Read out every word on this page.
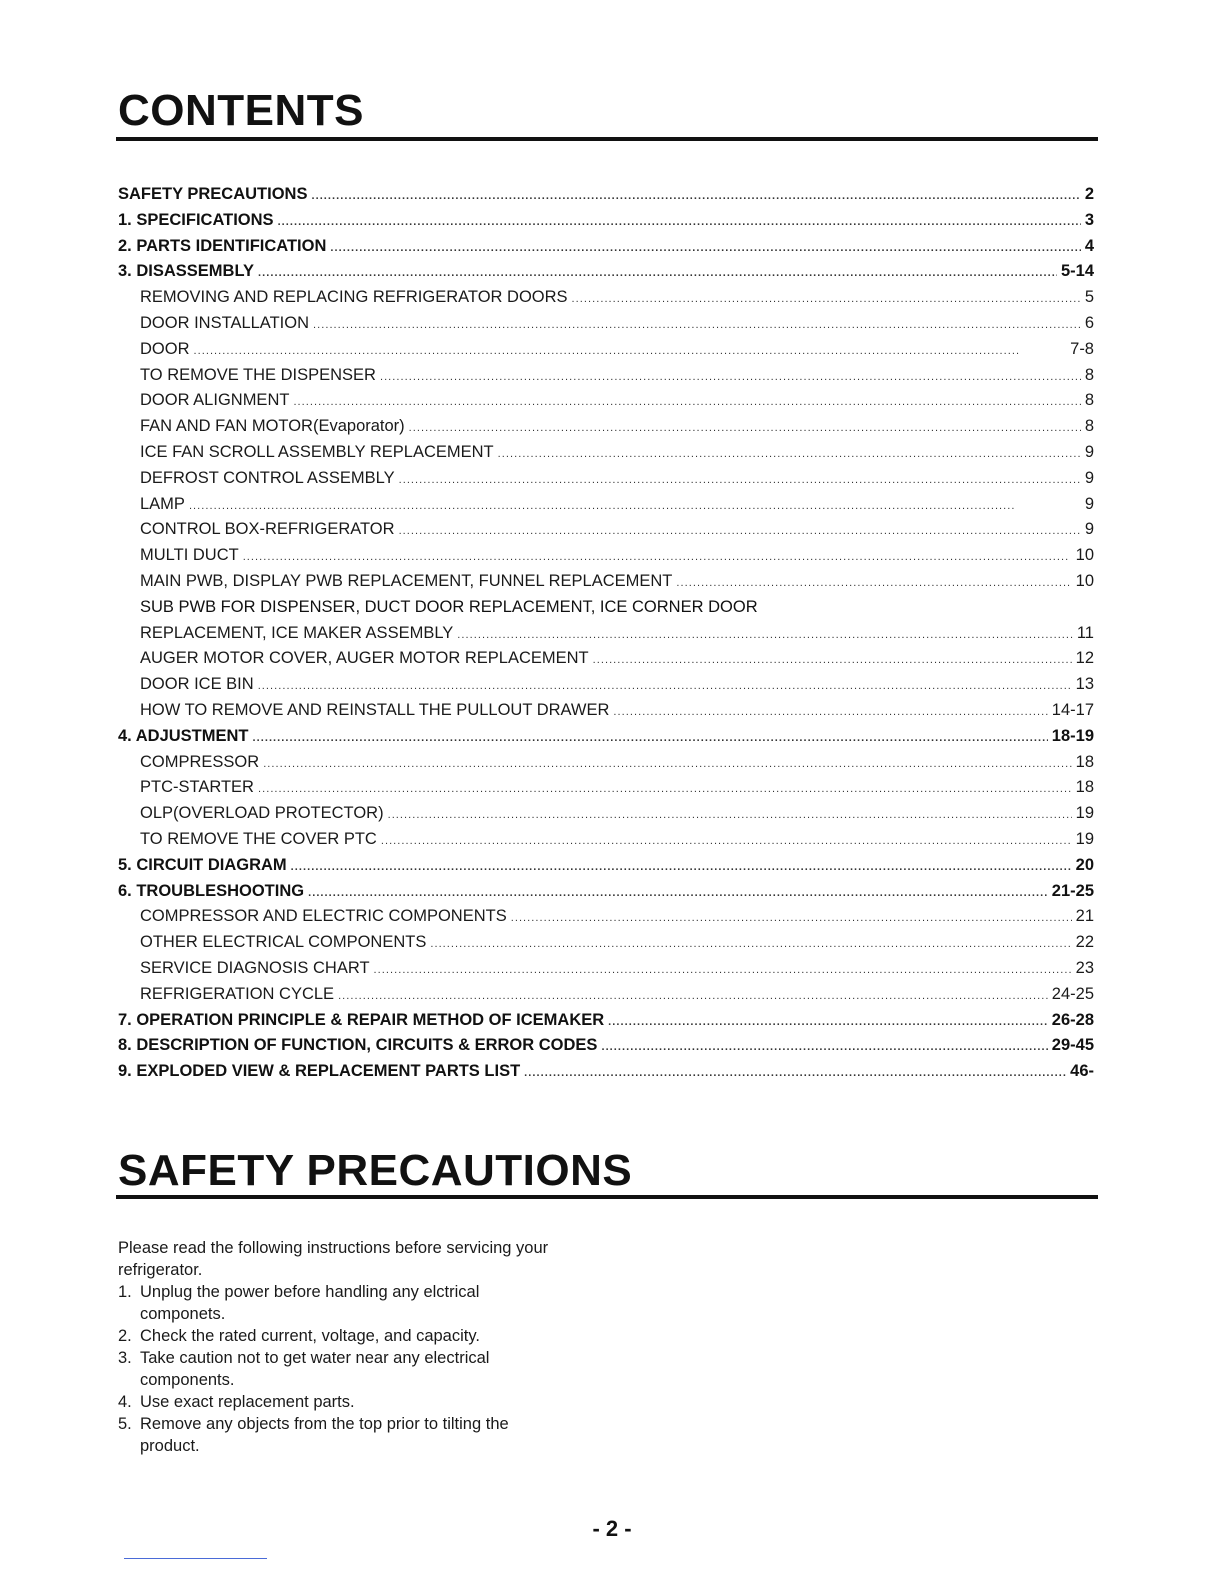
CONTENTS
SAFETY PRECAUTIONS . . .	2
1. SPECIFICATIONS . . .	3
2. PARTS IDENTIFICATION . . .	4
3. DISASSEMBLY . . .	5-14
REMOVING AND REPLACING REFRIGERATOR DOORS . . .	5
DOOR INSTALLATION . . .	6
DOOR . . .	7-8
TO REMOVE THE DISPENSER . . .	8
DOOR ALIGNMENT . . .	8
FAN AND FAN MOTOR(Evaporator) . . .	8
ICE FAN SCROLL ASSEMBLY REPLACEMENT . . .	9
DEFROST CONTROL ASSEMBLY . . .	9
LAMP . . .	9
CONTROL BOX-REFRIGERATOR . . .	9
MULTI DUCT . . .	10
MAIN PWB, DISPLAY PWB REPLACEMENT, FUNNEL REPLACEMENT . . .	10
SUB PWB FOR DISPENSER, DUCT DOOR REPLACEMENT, ICE CORNER DOOR
REPLACEMENT, ICE MAKER ASSEMBLY . . .	11
AUGER MOTOR COVER, AUGER MOTOR REPLACEMENT . . .	12
DOOR ICE BIN . . .	13
HOW TO REMOVE AND REINSTALL THE PULLOUT DRAWER . . .	14-17
4. ADJUSTMENT . . .	18-19
COMPRESSOR . . .	18
PTC-STARTER . . .	18
OLP(OVERLOAD PROTECTOR) . . .	19
TO REMOVE THE COVER PTC . . .	19
5. CIRCUIT DIAGRAM . . .	20
6. TROUBLESHOOTING . . .	21-25
COMPRESSOR AND ELECTRIC COMPONENTS . . .	21
OTHER ELECTRICAL COMPONENTS . . .	22
SERVICE DIAGNOSIS CHART . . .	23
REFRIGERATION CYCLE . . .	24-25
7. OPERATION PRINCIPLE & REPAIR METHOD OF ICEMAKER . . .	26-28
8. DESCRIPTION OF FUNCTION, CIRCUITS & ERROR CODES . . .	29-45
9. EXPLODED VIEW & REPLACEMENT PARTS LIST . . .	46-
SAFETY PRECAUTIONS

Please read the following instructions before servicing your refrigerator.

1. Unplug the power before handling any elctrical componets.
2. Check the rated current, voltage, and capacity.
3. Take caution not to get water near any electrical components.
4. Use exact replacement parts.
5. Remove any objects from the top prior to tilting the product.
- 2 -
